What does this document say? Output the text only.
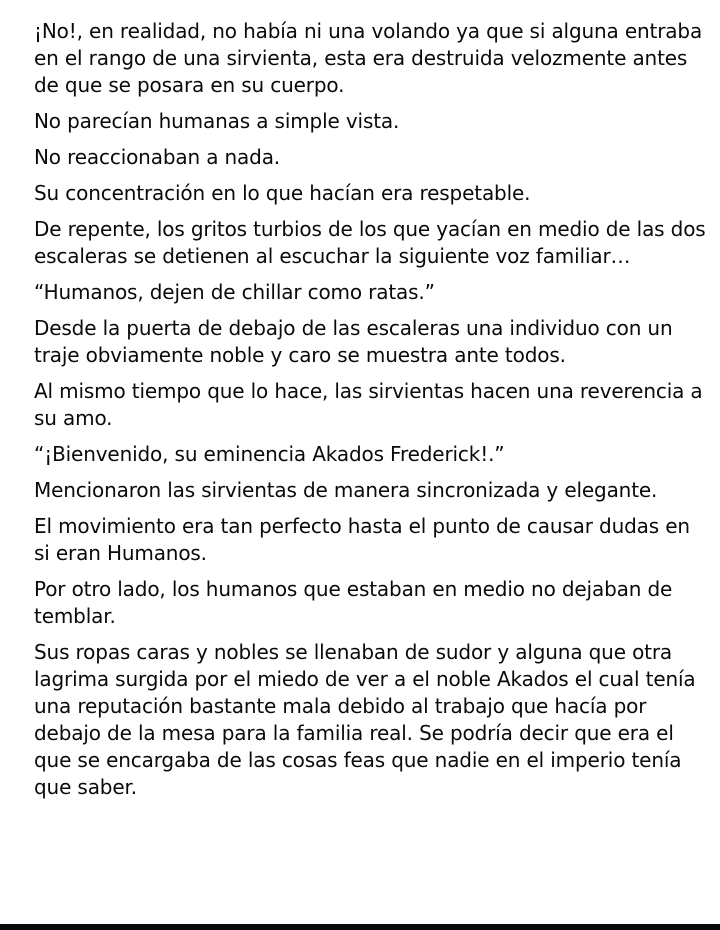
¡No!, en realidad, no había ni una volando ya que si alguna entraba en el rango de una sirvienta, esta era destruida velozmente antes de que se posara en su cuerpo.

No parecían humanas a simple vista.

No reaccionaban a nada.

Su concentración en lo que hacían era respetable.

De repente, los gritos turbios de los que yacían en medio de las dos escaleras se detienen al escuchar la siguiente voz familiar…

“Humanos, dejen de chillar como ratas.”

Desde la puerta de debajo de las escaleras una individuo con un traje obviamente noble y caro se muestra ante todos.

Al mismo tiempo que lo hace, las sirvientas hacen una reverencia a su amo.

“¡Bienvenido, su eminencia Akados Frederick!.”

Mencionaron las sirvientas de manera sincronizada y elegante.

El movimiento era tan perfecto hasta el punto de causar dudas en si eran Humanos.

Por otro lado, los humanos que estaban en medio no dejaban de temblar.

Sus ropas caras y nobles se llenaban de sudor y alguna que otra lagrima surgida por el miedo de ver a el noble Akados el cual tenía una reputación bastante mala debido al trabajo que hacía por debajo de la mesa para la familia real. Se podría decir que era el que se encargaba de las cosas feas que nadie en el imperio tenía que saber.
